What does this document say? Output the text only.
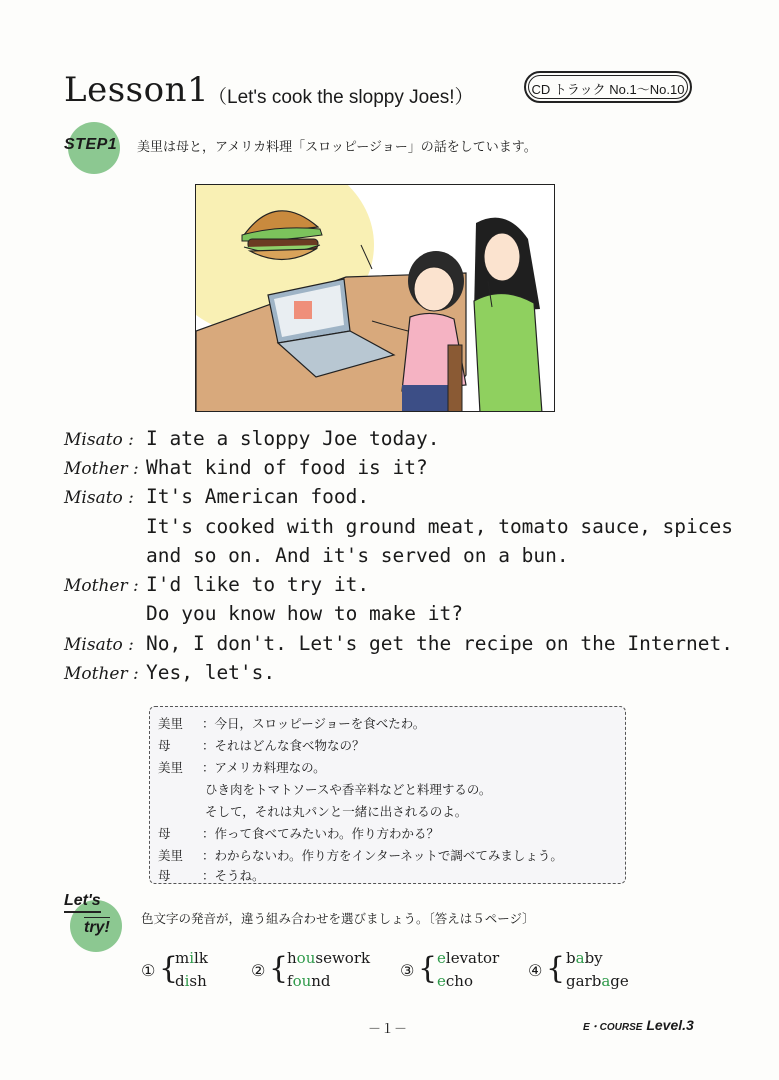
Lesson1
（Let's cook the sloppy Joes!）	CD トラック No.1～No.10
STEP1 美里は母と，アメリカ料理「スロッピージョー」の話をしています。
Misato : I ate a sloppy Joe today.
Mother : What kind of food is it?
Misato : It's American food.
It's cooked with ground meat, tomato sauce, spices
and so on. And it's served on a bun.
Mother : I'd like to try it.
Do you know how to make it?
Misato : No, I don't. Let's get the recipe on the Internet.
Mother : Yes, let's.
美里 ：今日，スロッピージョーを食べたわ。
母	：それはどんな食べ物なの？
美里 ：アメリカ料理なの。
ひき肉をトマトソースや香辛料などと料理するの。
そして，それは丸パンと一緒に出されるのよ。
母	：作って食べてみたいわ。作り方わかる？
美里 ：わからないわ。作り方をインターネットで調べてみましょう。
母	：そうね。
Let's
try!
色文字の発音が，違う組み合わせを選びましょう。〔答えは５ページ〕
① {
milk
dish
② {
housework
found
③ { elevator
echo
④ { baby
garbage
－１－	E・COURSE Level.3
